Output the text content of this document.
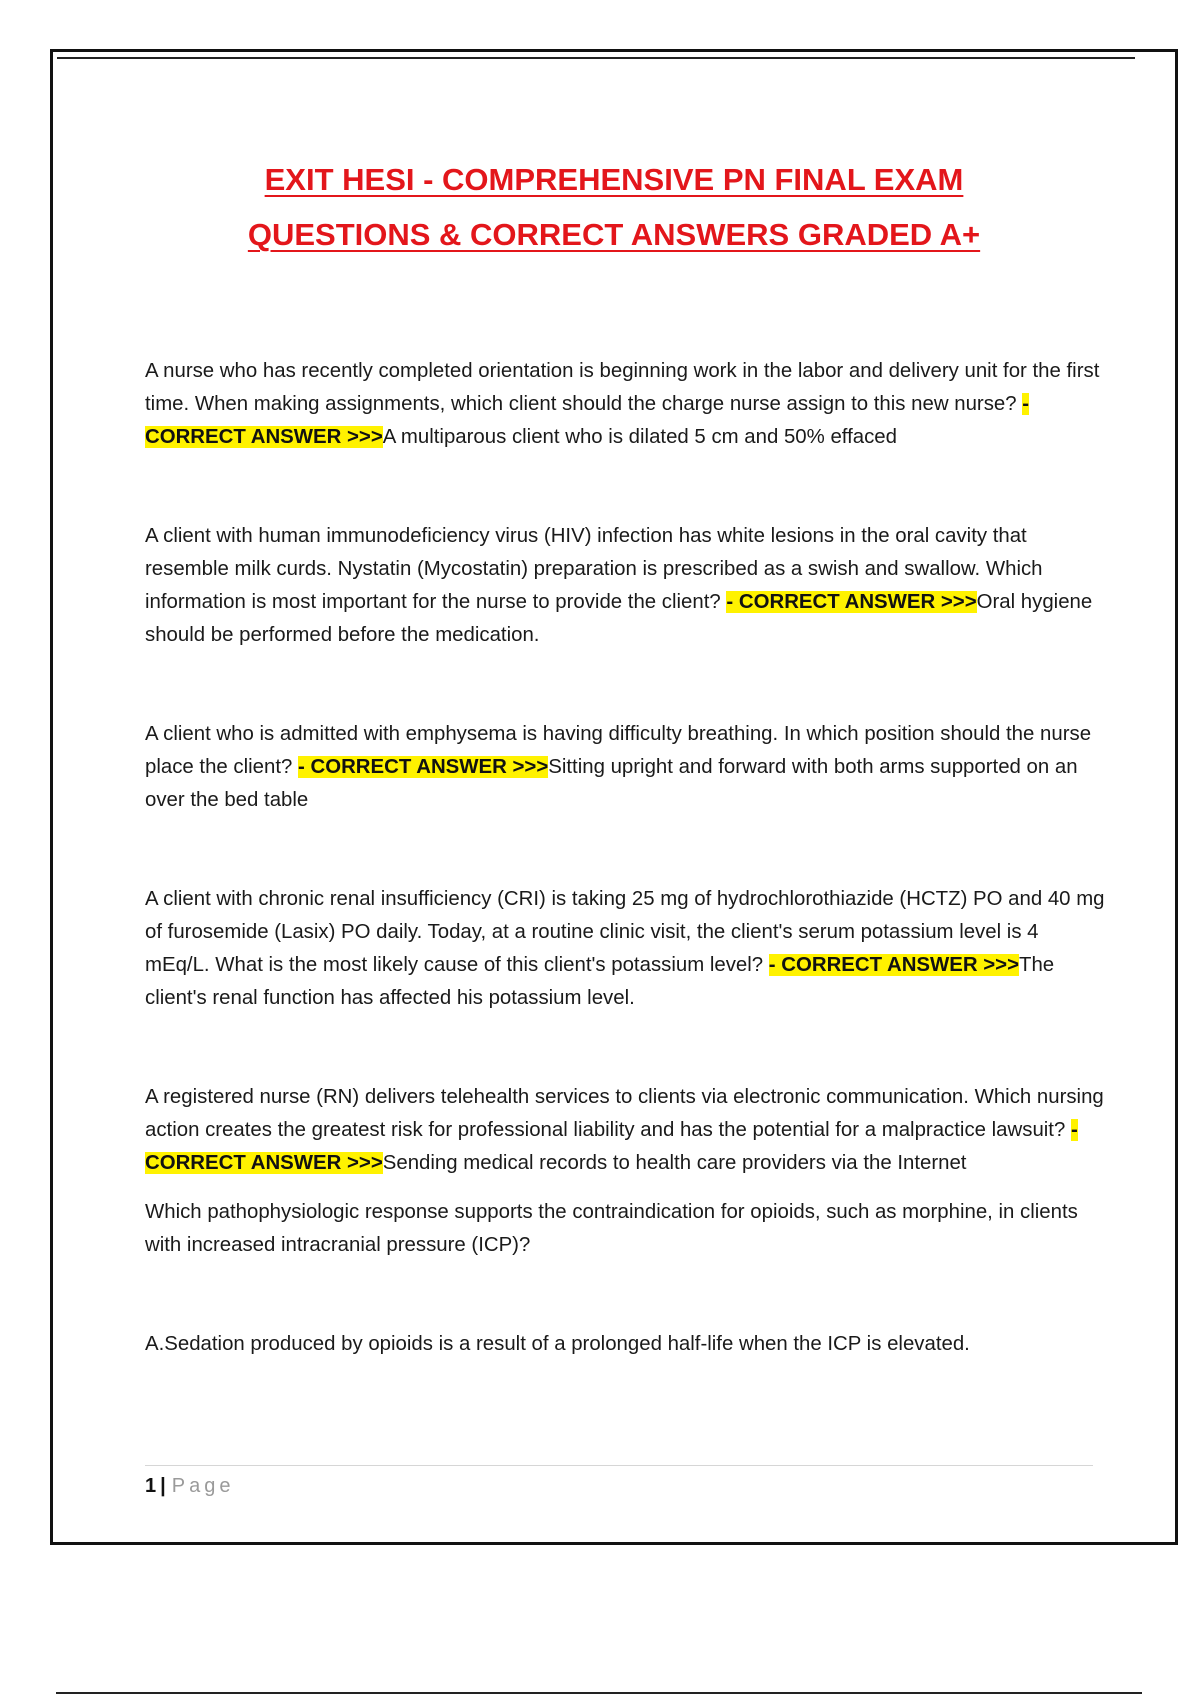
EXIT HESI - COMPREHENSIVE PN FINAL EXAM
QUESTIONS & CORRECT ANSWERS GRADED A+

A nurse who has recently completed orientation is beginning work in the labor and delivery unit for the first time. When making assignments, which client should the charge nurse assign to this new nurse? - CORRECT ANSWER >>>A multiparous client who is dilated 5 cm and 50% effaced

A client with human immunodeficiency virus (HIV) infection has white lesions in the oral cavity that resemble milk curds. Nystatin (Mycostatin) preparation is prescribed as a swish and swallow. Which information is most important for the nurse to provide the client? - CORRECT ANSWER >>>Oral hygiene should be performed before the medication.

A client who is admitted with emphysema is having difficulty breathing. In which position should the nurse place the client? - CORRECT ANSWER >>>Sitting upright and forward with both arms supported on an over the bed table

A client with chronic renal insufficiency (CRI) is taking 25 mg of hydrochlorothiazide (HCTZ) PO and 40 mg of furosemide (Lasix) PO daily. Today, at a routine clinic visit, the client's serum potassium level is 4 mEq/L. What is the most likely cause of this client's potassium level? - CORRECT ANSWER >>>The client's renal function has affected his potassium level.

A registered nurse (RN) delivers telehealth services to clients via electronic communication. Which nursing action creates the greatest risk for professional liability and has the potential for a malpractice lawsuit? - CORRECT ANSWER >>>Sending medical records to health care providers via the Internet

Which pathophysiologic response supports the contraindication for opioids, such as morphine, in clients with increased intracranial pressure (ICP)?

A.Sedation produced by opioids is a result of a prolonged half-life when the ICP is elevated.

1 | Page
